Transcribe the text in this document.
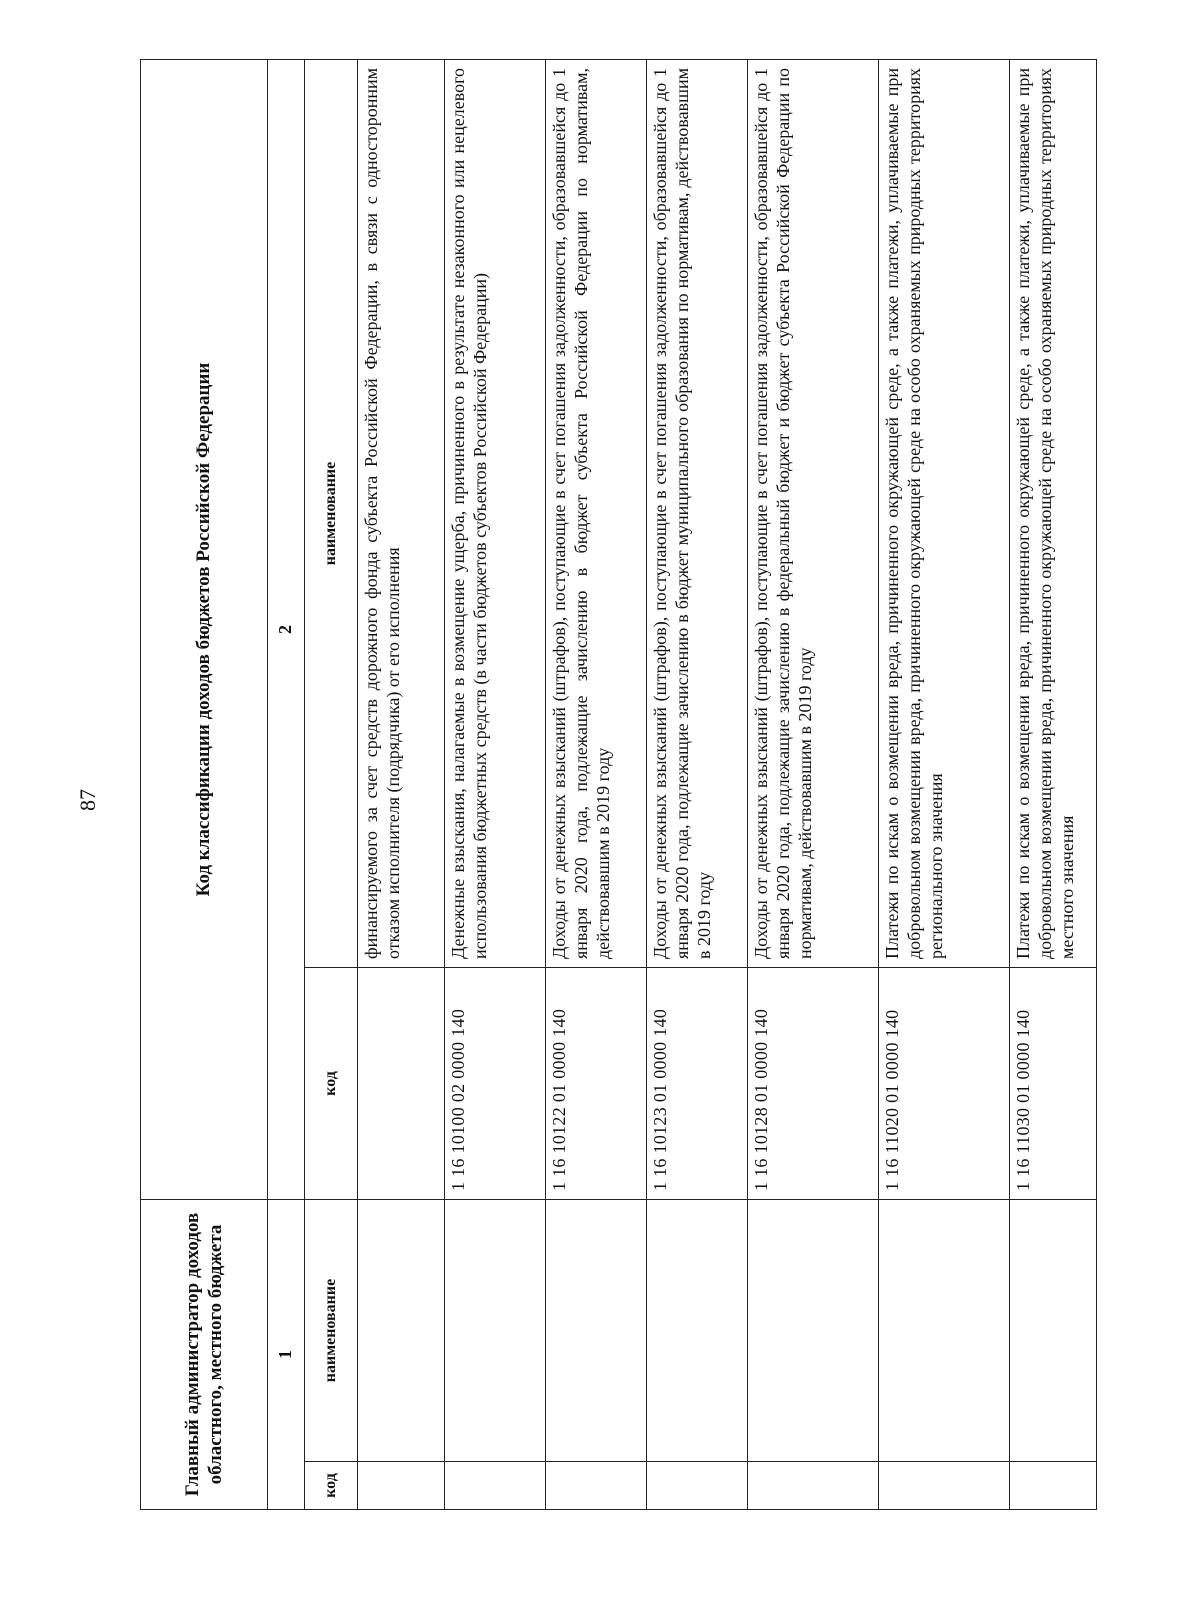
87
Главный администратор доходов областного, местного бюджета		Код классификации доходов бюджетов Российской Федерации	
1		2	
код	наименование	код	наименование
			финансируемого за счет средств дорожного фонда субъекта Российской Федерации, в связи с односторонним отказом исполнителя (подрядчика) от его исполнения
		1 16 10100 02 0000 140	Денежные взыскания, налагаемые в возмещение ущерба, причиненного в результате незаконного или нецелевого использования бюджетных средств (в части бюджетов субъектов Российской Федерации)
		1 16 10122 01 0000 140	Доходы от денежных взысканий (штрафов), поступающие в счет погашения задолженности, образовавшейся до 1 января 2020 года, подлежащие зачислению в бюджет субъекта Российской Федерации по нормативам, действовавшим в 2019 году
		1 16 10123 01 0000 140	Доходы от денежных взысканий (штрафов), поступающие в счет погашения задолженности, образовавшейся до 1 января 2020 года, подлежащие зачислению в бюджет муниципального образования по нормативам, действовавшим в 2019 году
		1 16 10128 01 0000 140	Доходы от денежных взысканий (штрафов), поступающие в счет погашения задолженности, образовавшейся до 1 января 2020 года, подлежащие зачислению в федеральный бюджет и бюджет субъекта Российской Федерации по нормативам, действовавшим в 2019 году
		1 16 11020 01 0000 140	Платежи по искам о возмещении вреда, причиненного окружающей среде, а также платежи, уплачиваемые при добровольном возмещении вреда, причиненного окружающей среде на особо охраняемых природных территориях регионального значения
		1 16 11030 01 0000 140	Платежи по искам о возмещении вреда, причиненного окружающей среде, а также платежи, уплачиваемые при добровольном возмещении вреда, причиненного окружающей среде на особо охраняемых природных территориях местного значения
